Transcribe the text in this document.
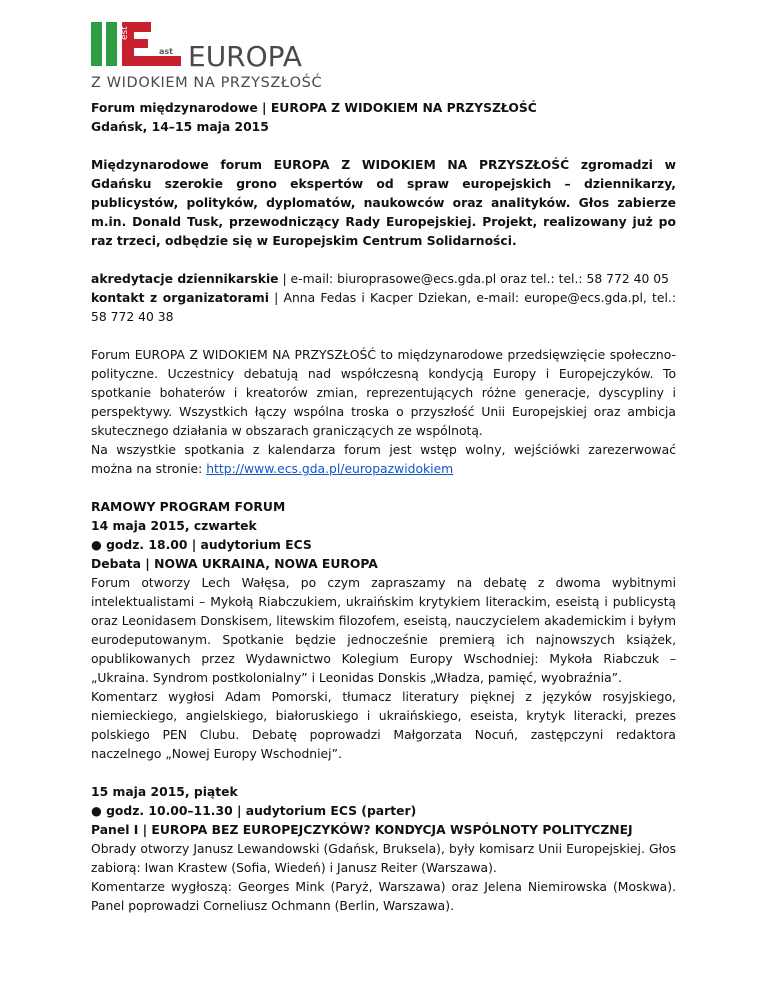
est
ast EUROPA
Z WIDOKIEM NA PRZYSZŁOŚĆ

Forum międzynarodowe | EUROPA Z WIDOKIEM NA PRZYSZŁOŚĆ

Gdańsk, 14–15 maja 2015

Międzynarodowe forum EUROPA Z WIDOKIEM NA PRZYSZŁOŚĆ zgromadzi w Gdańsku szerokie grono ekspertów od spraw europejskich – dziennikarzy, publicystów, polityków, dyplomatów, naukowców oraz analityków. Głos zabierze m.in. Donald Tusk, przewodniczący Rady Europejskiej. Projekt, realizowany już po raz trzeci, odbędzie się w Europejskim Centrum Solidarności.

akredytacje dziennikarskie | e-mail: biuroprasowe@ecs.gda.pl oraz tel.: tel.: 58 772 40 05

kontakt z organizatorami | Anna Fedas i Kacper Dziekan, e-mail: europe@ecs.gda.pl, tel.: 58 772 40 38

Forum EUROPA Z WIDOKIEM NA PRZYSZŁOŚĆ to międzynarodowe przedsięwzięcie społeczno-polityczne. Uczestnicy debatują nad współczesną kondycją Europy i Europejczyków. To spotkanie bohaterów i kreatorów zmian, reprezentujących różne generacje, dyscypliny i perspektywy. Wszystkich łączy wspólna troska o przyszłość Unii Europejskiej oraz ambicja skutecznego działania w obszarach graniczących ze wspólnotą.

Na wszystkie spotkania z kalendarza forum jest wstęp wolny, wejściówki zarezerwować można na stronie: http://www.ecs.gda.pl/europazwidokiem

RAMOWY PROGRAM FORUM

14 maja 2015, czwartek

● godz. 18.00 | audytorium ECS

Debata | NOWA UKRAINA, NOWA EUROPA

Forum otworzy Lech Wałęsa, po czym zapraszamy na debatę z dwoma wybitnymi intelektualistami – Mykołą Riabczukiem, ukraińskim krytykiem literackim, eseistą i publicystą oraz Leonidasem Donskisem, litewskim filozofem, eseistą, nauczycielem akademickim i byłym eurodeputowanym. Spotkanie będzie jednocześnie premierą ich najnowszych książek, opublikowanych przez Wydawnictwo Kolegium Europy Wschodniej: Mykoła Riabczuk – „Ukraina. Syndrom postkolonialny” i Leonidas Donskis „Władza, pamięć, wyobraźnia”.

Komentarz wygłosi Adam Pomorski, tłumacz literatury pięknej z języków rosyjskiego, niemieckiego, angielskiego, białoruskiego i ukraińskiego, eseista, krytyk literacki, prezes polskiego PEN Clubu. Debatę poprowadzi Małgorzata Nocuń, zastępczyni redaktora naczelnego „Nowej Europy Wschodniej”.

15 maja 2015, piątek

● godz. 10.00–11.30 | audytorium ECS (parter)

Panel I | EUROPA BEZ EUROPEJCZYKÓW? KONDYCJA WSPÓLNOTY POLITYCZNEJ

Obrady otworzy Janusz Lewandowski (Gdańsk, Bruksela), były komisarz Unii Europejskiej. Głos zabiorą: Iwan Krastew (Sofia, Wiedeń) i Janusz Reiter (Warszawa).

Komentarze wygłoszą: Georges Mink (Paryż, Warszawa) oraz Jelena Niemirowska (Moskwa). Panel poprowadzi Corneliusz Ochmann (Berlin, Warszawa).
